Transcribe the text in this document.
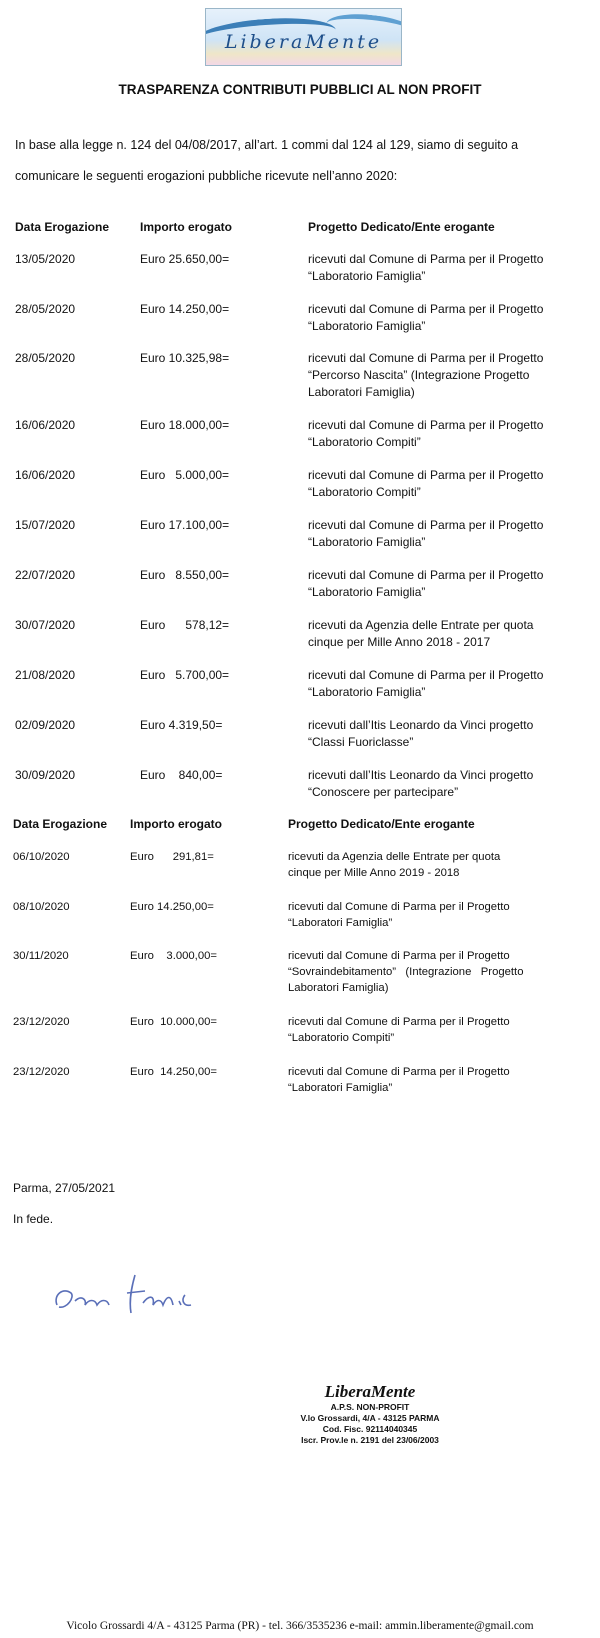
LiberaMente
TRASPARENZA CONTRIBUTI PUBBLICI AL NON PROFIT
In base alla legge n. 124 del 04/08/2017, all’art. 1 commi dal 124 al 129, siamo di seguito a
comunicare le seguenti erogazioni pubbliche ricevute nell’anno 2020:
Data Erogazione	Importo erogato	Progetto Dedicato/Ente erogante
13/05/2020	Euro 25.650,00=	ricevuti dal Comune di Parma per il Progetto
“Laboratorio Famiglia”
28/05/2020	Euro 14.250,00=	ricevuti dal Comune di Parma per il Progetto
“Laboratorio Famiglia”
28/05/2020	Euro 10.325,98=	ricevuti dal Comune di Parma per il Progetto
“Percorso Nascita” (Integrazione Progetto
Laboratori Famiglia)
16/06/2020	Euro 18.000,00=	ricevuti dal Comune di Parma per il Progetto
“Laboratorio Compiti”
16/06/2020	Euro   5.000,00=	ricevuti dal Comune di Parma per il Progetto
“Laboratorio Compiti”
15/07/2020	Euro 17.100,00=	ricevuti dal Comune di Parma per il Progetto
“Laboratorio Famiglia”
22/07/2020	Euro   8.550,00=	ricevuti dal Comune di Parma per il Progetto
“Laboratorio Famiglia”
30/07/2020	Euro      578,12=	ricevuti da Agenzia delle Entrate per quota
cinque per Mille Anno 2018 - 2017
21/08/2020	Euro   5.700,00=	ricevuti dal Comune di Parma per il Progetto
“Laboratorio Famiglia”
02/09/2020	Euro 4.319,50=	ricevuti dall’Itis Leonardo da Vinci progetto
“Classi Fuoriclasse”
30/09/2020	Euro    840,00=	ricevuti dall’Itis Leonardo da Vinci progetto
“Conoscere per partecipare”
Data Erogazione Importo erogato	Progetto Dedicato/Ente erogante
06/10/2020	Euro      291,81=	ricevuti da Agenzia delle Entrate per quota
cinque per Mille Anno 2019 - 2018
08/10/2020	Euro 14.250,00=	ricevuti dal Comune di Parma per il Progetto
“Laboratori Famiglia”
30/11/2020	Euro    3.000,00=	ricevuti dal Comune di Parma per il Progetto
“Sovraindebitamento”   (Integrazione   Progetto
Laboratori Famiglia)
23/12/2020	Euro  10.000,00=	ricevuti dal Comune di Parma per il Progetto
“Laboratorio Compiti”
23/12/2020	Euro  14.250,00=	ricevuti dal Comune di Parma per il Progetto
“Laboratori Famiglia”
Parma, 27/05/2021
In fede.
LiberaMente
A.P.S. NON-PROFIT
V.lo Grossardi, 4/A - 43125 PARMA
Cod. Fisc. 92114040345
Iscr. Prov.le n. 2191 del 23/06/2003
Vicolo Grossardi 4/A - 43125 Parma (PR) - tel. 366/3535236 e-mail: ammin.liberamente@gmail.com
